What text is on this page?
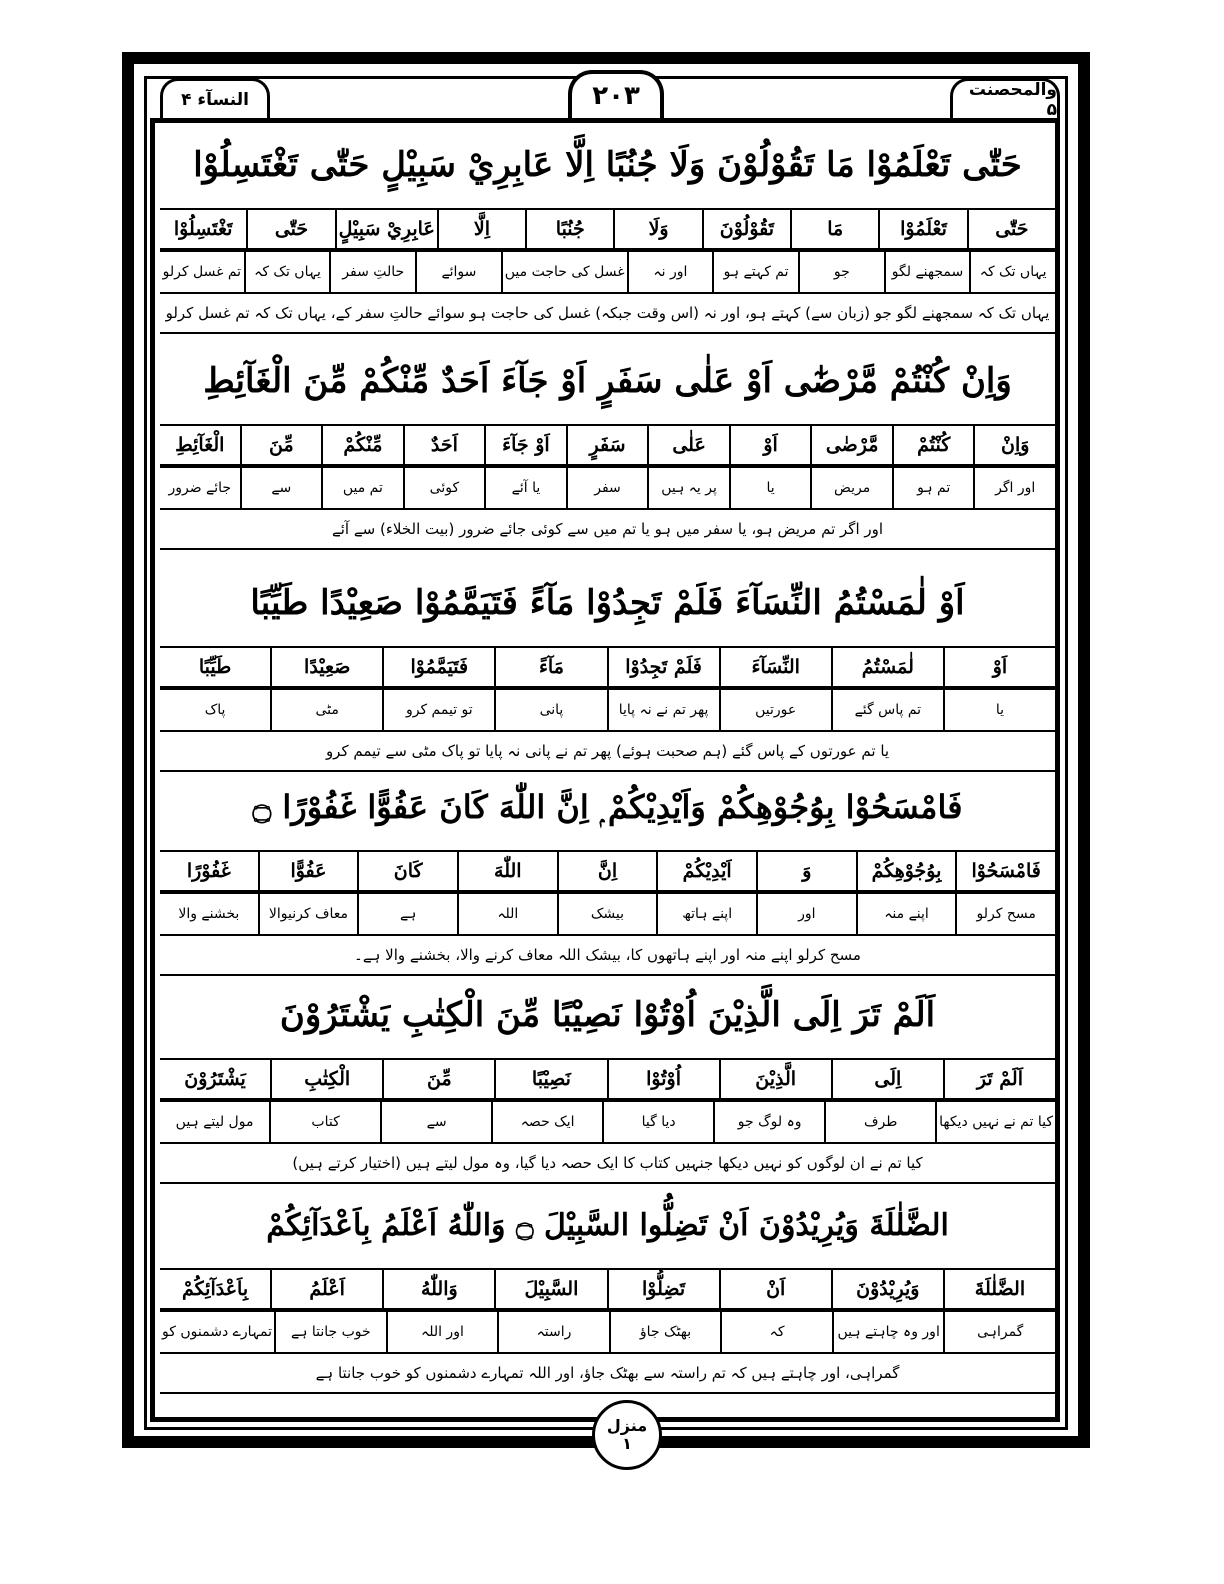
والمحصنت ۵
۲۰۳
النسآء ۴
حَتّٰى تَعْلَمُوْا مَا تَقُوْلُوْنَ وَلَا جُنُبًا اِلَّا عَابِرِيْ سَبِيْلٍ حَتّٰى تَغْتَسِلُوْا
حَتّٰى
تَعْلَمُوْا
مَا
تَقُوْلُوْنَ
وَلَا
جُنُبًا
اِلَّا
عَابِرِيْ سَبِيْلٍ
حَتّٰى
تَغْتَسِلُوْا
یہاں تک کہ
سمجھنے لگو
جو
تم کہتے ہو
اور نہ
غسل کی حاجت میں
سوائے
حالتِ سفر
یہاں تک کہ
تم غسل کرلو
یہاں تک کہ سمجھنے لگو جو (زبان سے) کہتے ہو، اور نہ (اس وقت جبکہ) غسل کی حاجت ہو سوائے حالتِ سفر کے، یہاں تک کہ تم غسل کرلو
وَاِنْ كُنْتُمْ مَّرْضٰٓى اَوْ عَلٰى سَفَرٍ اَوْ جَآءَ اَحَدٌ مِّنْكُمْ مِّنَ الْغَآئِطِ
وَاِنْ
كُنْتُمْ
مَّرْضٰى
اَوْ
عَلٰى
سَفَرٍ
اَوْ جَآءَ
اَحَدٌ
مِّنْكُمْ
مِّنَ
الْغَآئِطِ
اور اگر
تم ہو
مریض
یا
پر یہ ہیں
سفر
یا آئے
کوئی
تم میں
سے
جائے ضرور
اور اگر تم مریض ہو، یا سفر میں ہو یا تم میں سے کوئی جائے ضرور (بیت الخلاء) سے آئے
اَوْ لٰمَسْتُمُ النِّسَآءَ فَلَمْ تَجِدُوْا مَآءً فَتَيَمَّمُوْا صَعِيْدًا طَيِّبًا
اَوْ
لٰمَسْتُمُ
النِّسَآءَ
فَلَمْ تَجِدُوْا
مَآءً
فَتَيَمَّمُوْا
صَعِيْدًا
طَيِّبًا
یا
تم پاس گئے
عورتیں
پھر تم نے نہ پایا
پانی
تو تیمم کرو
مٹی
پاک
یا تم عورتوں کے پاس گئے (ہم صحبت ہوئے) پھر تم نے پانی نہ پایا تو پاک مٹی سے تیمم کرو
فَامْسَحُوْا بِوُجُوْهِكُمْ وَاَيْدِيْكُمْ ۭ اِنَّ اللّٰهَ كَانَ عَفُوًّا غَفُوْرًا ۝
فَامْسَحُوْا
بِوُجُوْهِكُمْ
وَ
اَيْدِيْكُمْ
اِنَّ
اللّٰهَ
كَانَ
عَفُوًّا
غَفُوْرًا
مسح کرلو
اپنے منہ
اور
اپنے ہاتھ
بیشک
اللہ
ہے
معاف کرنیوالا
بخشنے والا
مسح کرلو اپنے منہ اور اپنے ہاتھوں کا، بیشک اللہ معاف کرنے والا، بخشنے والا ہے۔
اَلَمْ تَرَ اِلَى الَّذِيْنَ اُوْتُوْا نَصِيْبًا مِّنَ الْكِتٰبِ يَشْتَرُوْنَ
اَلَمْ تَرَ
اِلَى
الَّذِيْنَ
اُوْتُوْا
نَصِيْبًا
مِّنَ
الْكِتٰبِ
يَشْتَرُوْنَ
کیا تم نے نہیں دیکھا
طرف
وہ لوگ جو
دیا گیا
ایک حصہ
سے
کتاب
مول لیتے ہیں
کیا تم نے ان لوگوں کو نہیں دیکھا جنہیں کتاب کا ایک حصہ دیا گیا، وہ مول لیتے ہیں (اختیار کرتے ہیں)
الضَّلٰلَةَ وَيُرِيْدُوْنَ اَنْ تَضِلُّوا السَّبِيْلَ ۝ وَاللّٰهُ اَعْلَمُ بِاَعْدَآئِكُمْ
الضَّلٰلَةَ
وَيُرِيْدُوْنَ
اَنْ
تَضِلُّوْا
السَّبِيْلَ
وَاللّٰهُ
اَعْلَمُ
بِاَعْدَآئِكُمْ
گمراہی
اور وہ چاہتے ہیں
کہ
بھٹک جاؤ
راستہ
اور اللہ
خوب جانتا ہے
تمہارے دشمنوں کو
گمراہی، اور چاہتے ہیں کہ تم راستہ سے بھٹک جاؤ، اور اللہ تمہارے دشمنوں کو خوب جانتا ہے
منزل
۱
